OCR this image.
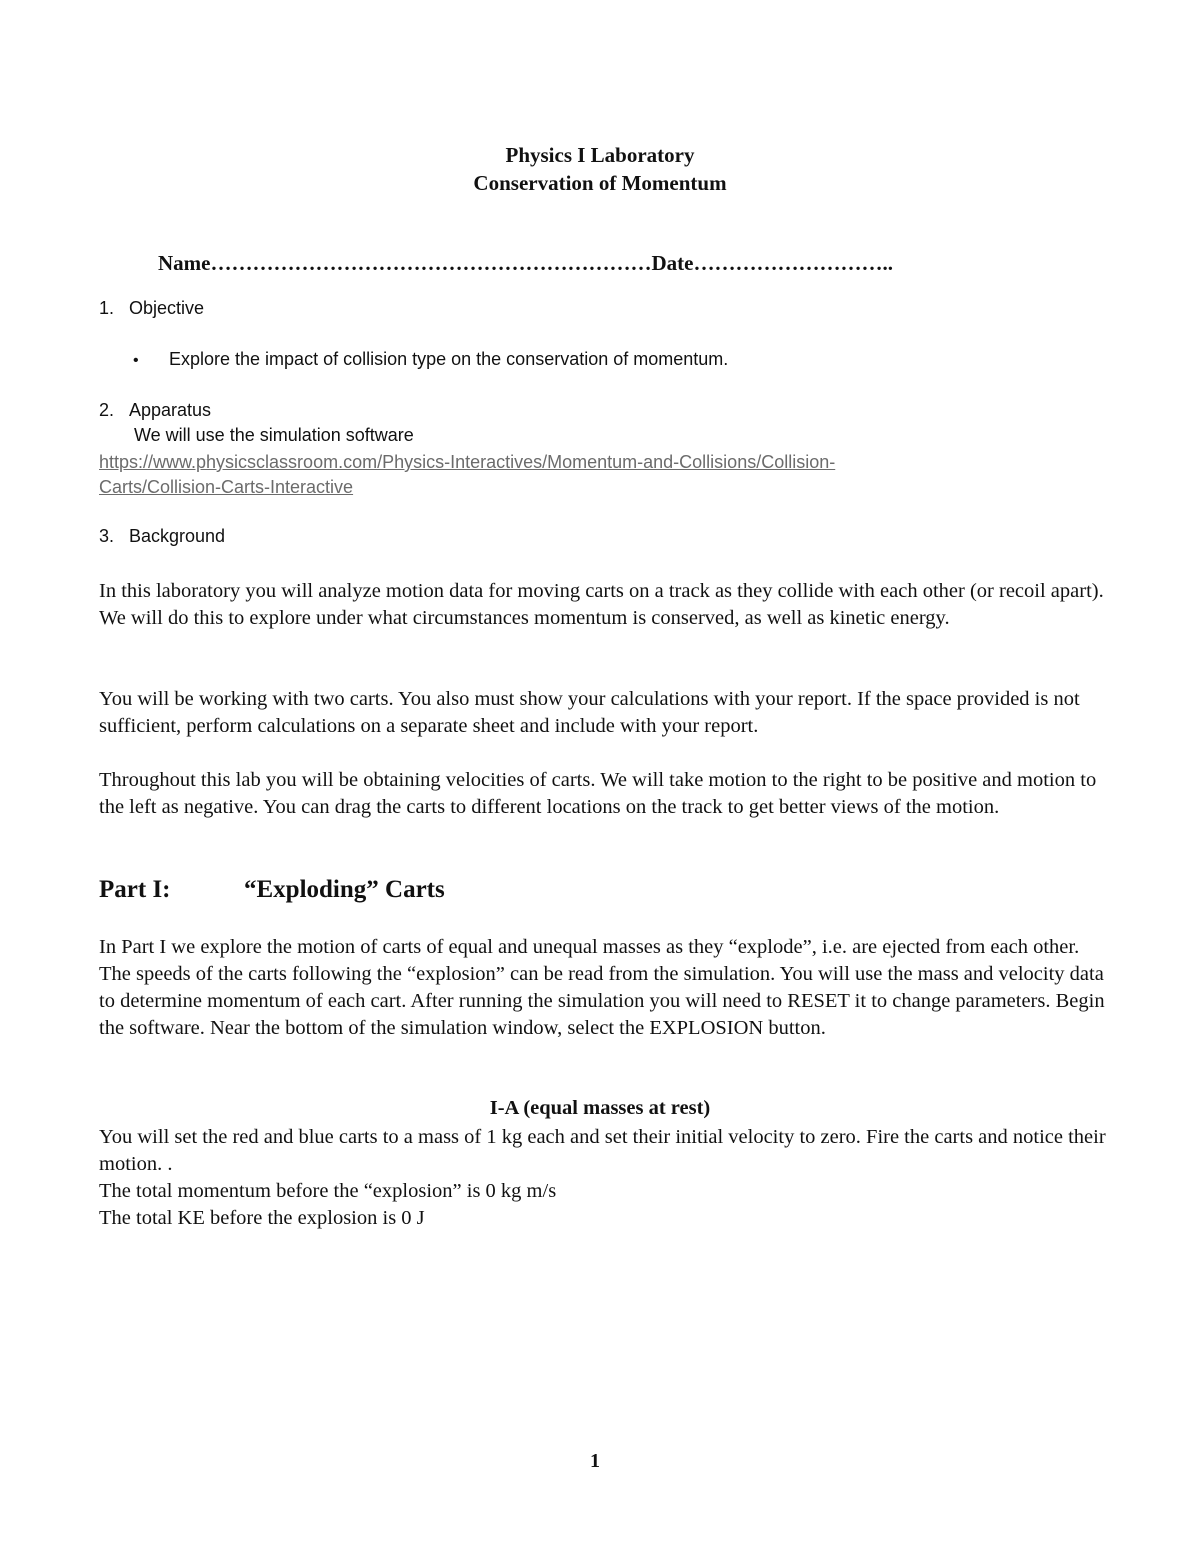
Physics I Laboratory

Conservation of Momentum

Name………………………………………………………Date………………………..

1. Objective
• Explore the impact of collision type on the conservation of momentum.
2. Apparatus

We will use the simulation software

https://www.physicsclassroom.com/Physics-Interactives/Momentum-and-Collisions/Collision-
Carts/Collision-Carts-Interactive
3. Background

In this laboratory you will analyze motion data for moving carts on a track as they collide with each other (or recoil apart). We will do this to explore under what circumstances momentum is conserved, as well as kinetic energy.

You will be working with two carts. You also must show your calculations with your report. If the space provided is not sufficient, perform calculations on a separate sheet and include with your report.

Throughout this lab you will be obtaining velocities of carts. We will take motion to the right to be positive and motion to the left as negative. You can drag the carts to different locations on the track to get better views of the motion.

Part I:	“Exploding” Carts

In Part I we explore the motion of carts of equal and unequal masses as they “explode”, i.e. are ejected from each other. The speeds of the carts following the “explosion” can be read from the simulation. You will use the mass and velocity data to determine momentum of each cart. After running the simulation you will need to RESET it to change parameters. Begin the software. Near the bottom of the simulation window, select the EXPLOSION button.

I-A (equal masses at rest)

You will set the red and blue carts to a mass of 1 kg each and set their initial velocity to zero. Fire the carts and notice their motion. .

The total momentum before the “explosion” is 0 kg m/s

The total KE before the explosion is 0 J

1
